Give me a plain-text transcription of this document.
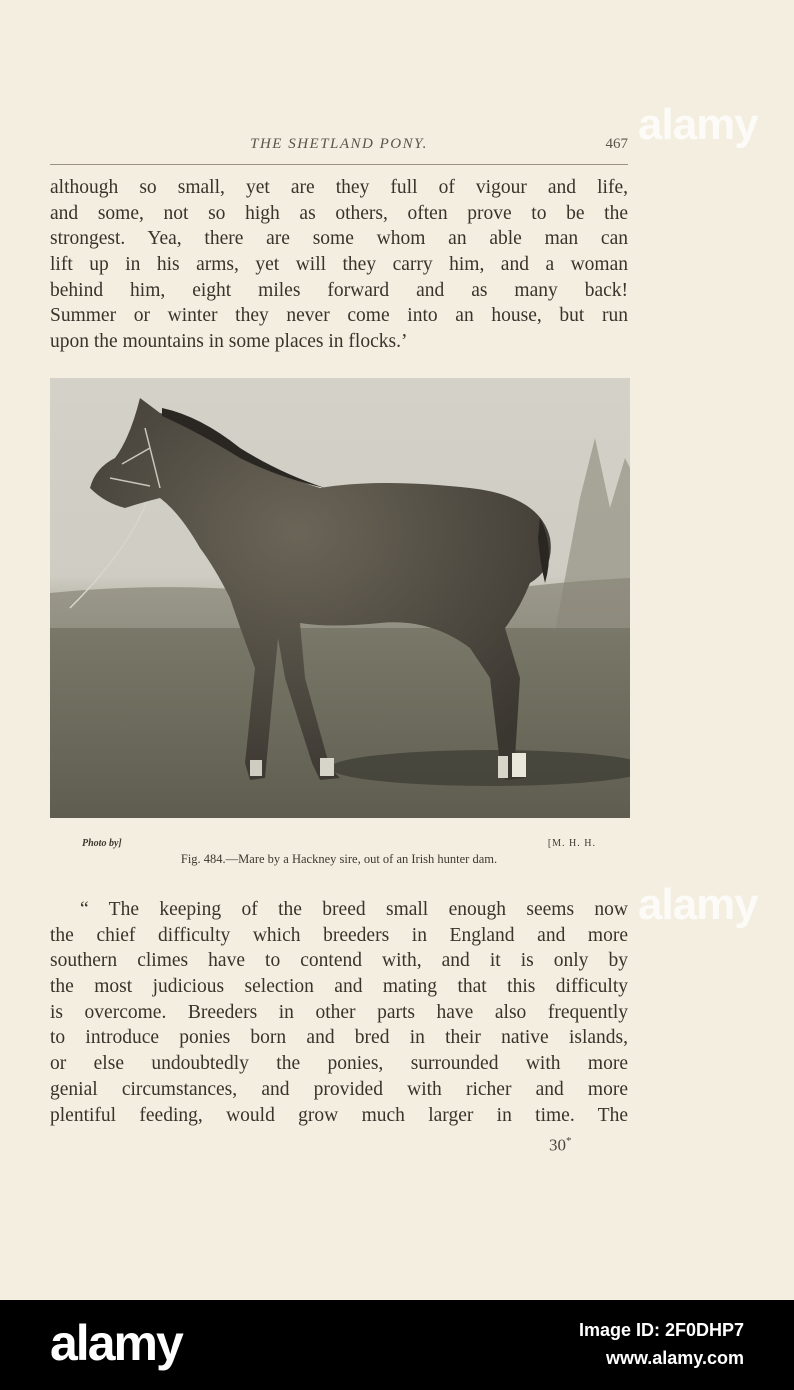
THE SHETLAND PONY.	467
although so small, yet are they full of vigour and life,
and some, not so high as others, often prove to be the
strongest. Yea, there are some whom an able man can
lift up in his arms, yet will they carry him, and a woman
behind him, eight miles forward and as many back!
Summer or winter they never come into an house, but run
upon the mountains in some places in flocks.’
Photo by]	[M. H. H.
Fig. 484.—Mare by a Hackney sire, out of an Irish hunter dam.
“ The keeping of the breed small enough seems now
the chief difficulty which breeders in England and more
southern climes have to contend with, and it is only by
the most judicious selection and mating that this difficulty
is overcome. Breeders in other parts have also frequently
to introduce ponies born and bred in their native islands,
or else undoubtedly the ponies, surrounded with more
genial circumstances, and provided with richer and more
plentiful feeding, would grow much larger in time. The
30*
alamy
alamy
alamy	Image ID: 2F0DHP7
www.alamy.com
